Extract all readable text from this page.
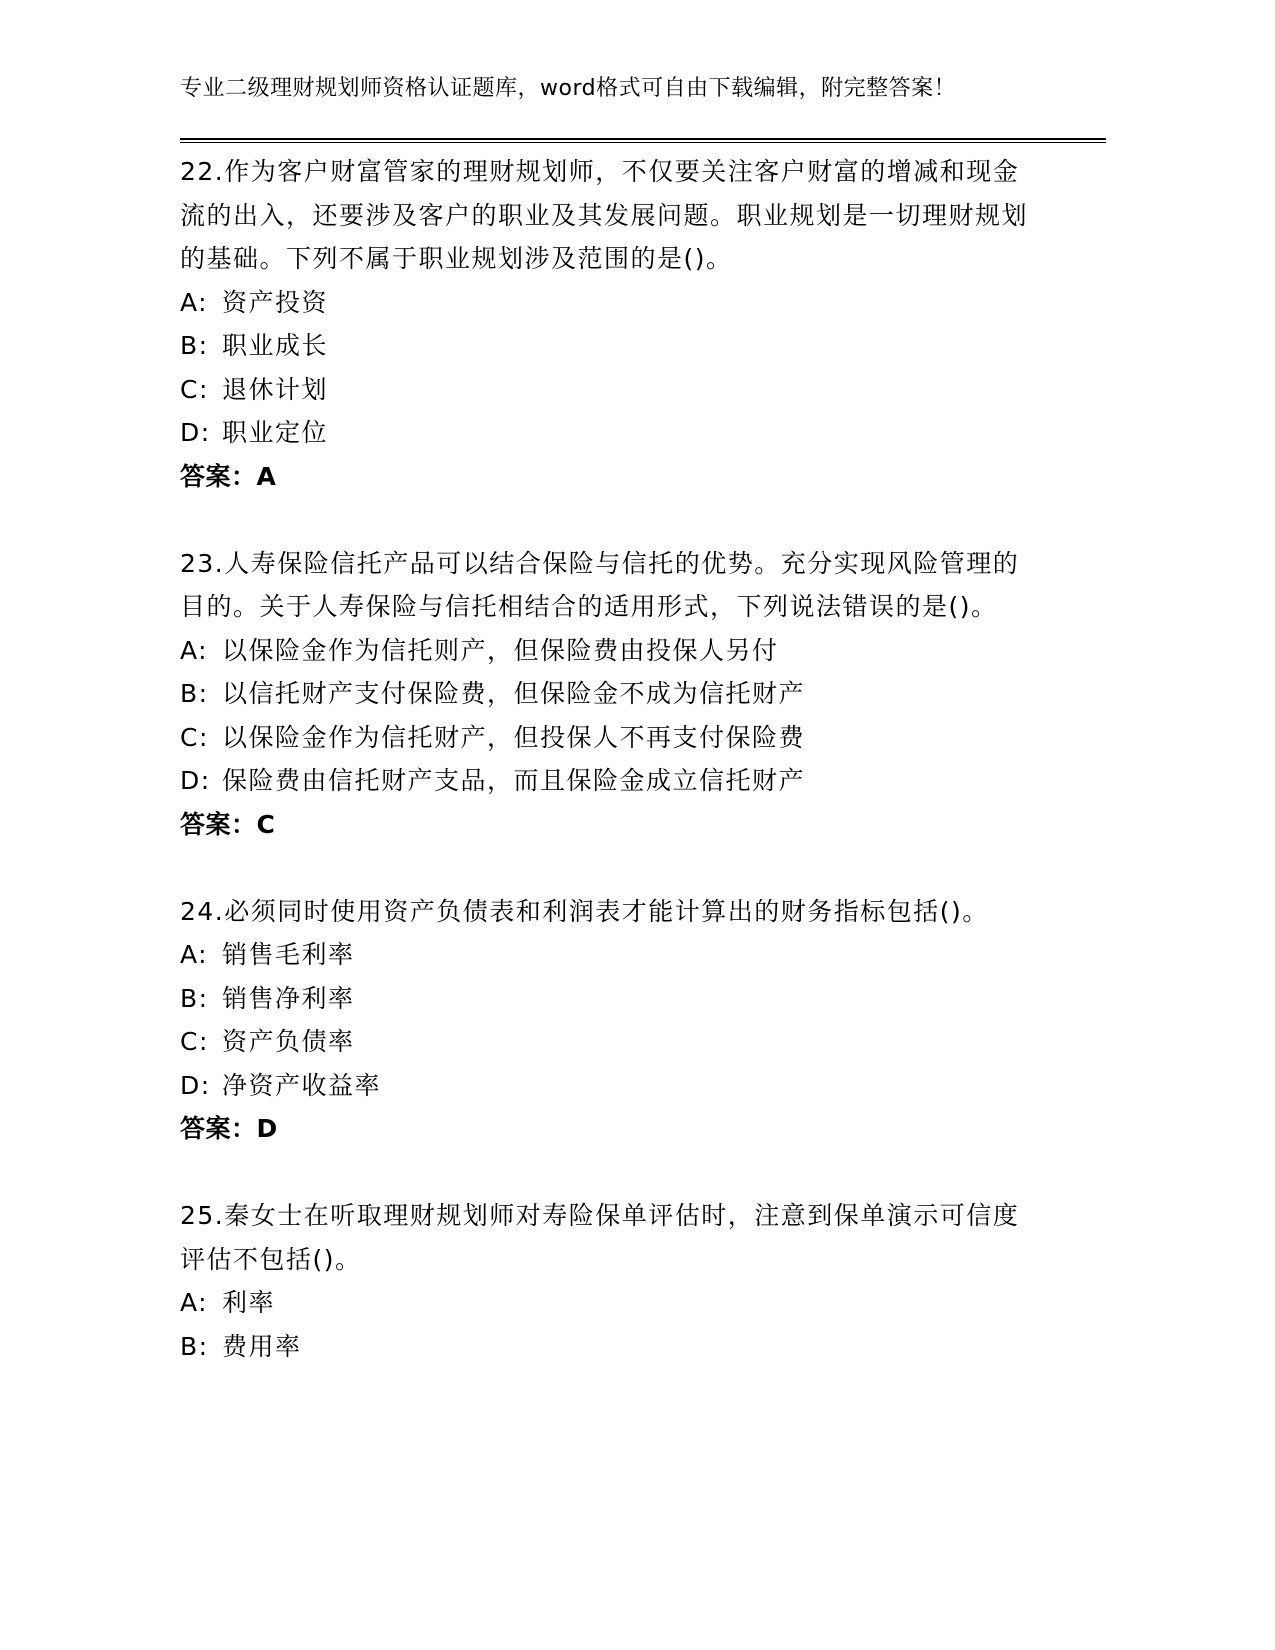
专业二级理财规划师资格认证题库，word格式可自由下载编辑，附完整答案！

22.作为客户财富管家的理财规划师，不仅要关注客户财富的增减和现金流的出入，还要涉及客户的职业及其发展问题。职业规划是一切理财规划的基础。下列不属于职业规划涉及范围的是()。

A: 资产投资

B: 职业成长

C: 退休计划

D: 职业定位

答案：A

23.人寿保险信托产品可以结合保险与信托的优势。充分实现风险管理的目的。关于人寿保险与信托相结合的适用形式，下列说法错误的是()。

A: 以保险金作为信托则产，但保险费由投保人另付

B: 以信托财产支付保险费，但保险金不成为信托财产

C: 以保险金作为信托财产，但投保人不再支付保险费

D: 保险费由信托财产支品，而且保险金成立信托财产

答案：C

24.必须同时使用资产负债表和利润表才能计算出的财务指标包括()。

A: 销售毛利率

B: 销售净利率

C: 资产负债率

D: 净资产收益率

答案：D

25.秦女士在听取理财规划师对寿险保单评估时，注意到保单演示可信度评估不包括()。

A: 利率

B: 费用率
